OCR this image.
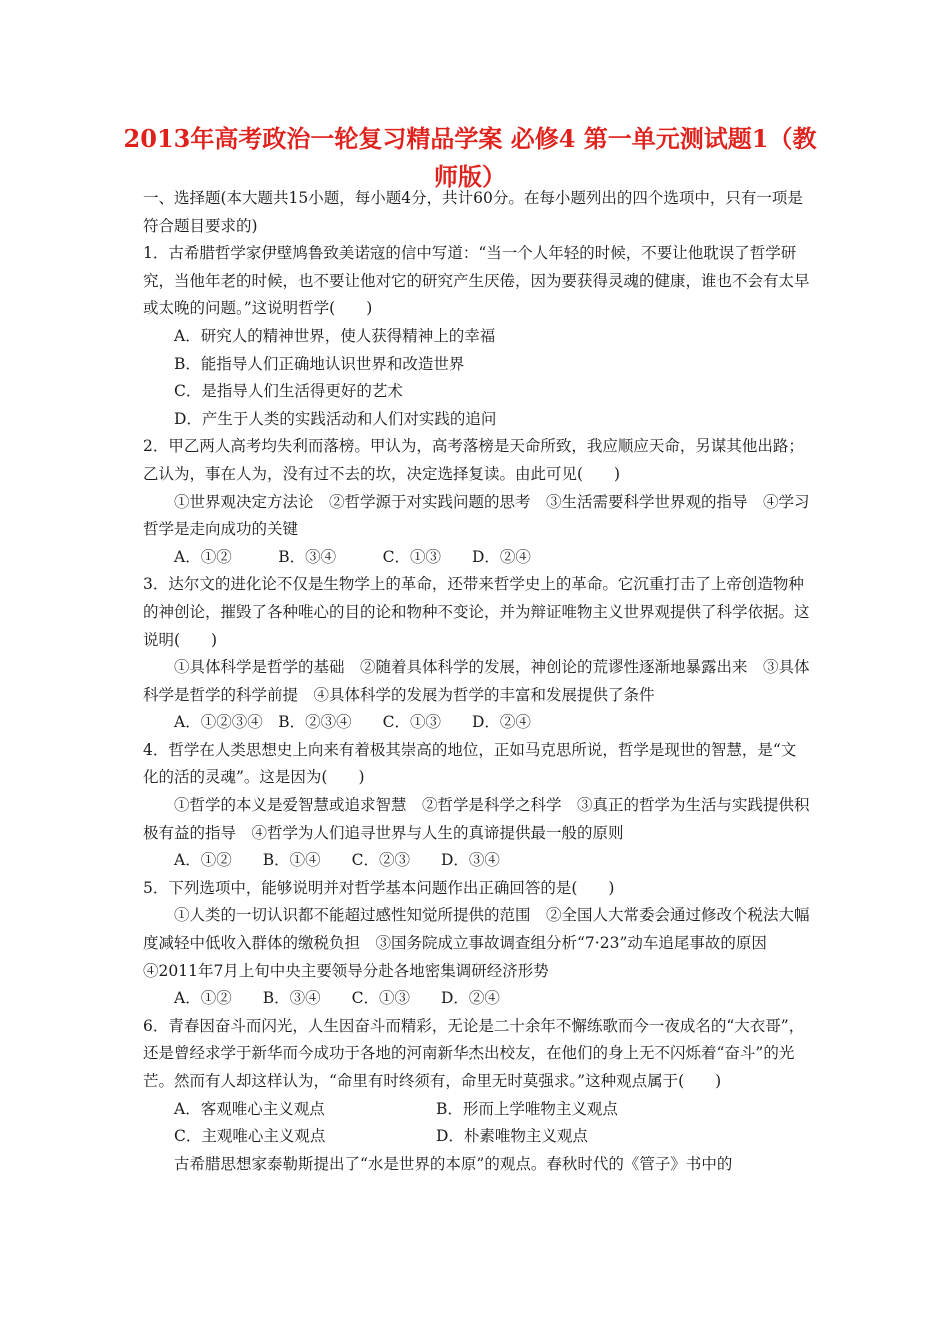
2013年高考政治一轮复习精品学案 必修4 第一单元测试题1（教师版）

一、选择题(本大题共15小题，每小题4分，共计60分。在每小题列出的四个选项中，只有一项是符合题目要求的)

1．古希腊哲学家伊壁鸠鲁致美诺寇的信中写道：“当一个人年轻的时候，不要让他耽误了哲学研究，当他年老的时候，也不要让他对它的研究产生厌倦，因为要获得灵魂的健康，谁也不会有太早或太晚的问题。”这说明哲学(　　)

A．研究人的精神世界，使人获得精神上的幸福

B．能指导人们正确地认识世界和改造世界

C．是指导人们生活得更好的艺术

D．产生于人类的实践活动和人们对实践的追问

2．甲乙两人高考均失利而落榜。甲认为，高考落榜是天命所致，我应顺应天命，另谋其他出路；乙认为，事在人为，没有过不去的坎，决定选择复读。由此可见(　　)

①世界观决定方法论　②哲学源于对实践问题的思考　③生活需要科学世界观的指导　④学习哲学是走向成功的关键

A．①②　　　B．③④　　　C．①③　　D．②④

3．达尔文的进化论不仅是生物学上的革命，还带来哲学史上的革命。它沉重打击了上帝创造物种的神创论，摧毁了各种唯心的目的论和物种不变论，并为辩证唯物主义世界观提供了科学依据。这说明(　　)

①具体科学是哲学的基础　②随着具体科学的发展，神创论的荒谬性逐渐地暴露出来　③具体科学是哲学的科学前提　④具体科学的发展为哲学的丰富和发展提供了条件

A．①②③④　B．②③④　　C．①③　　D．②④

4．哲学在人类思想史上向来有着极其崇高的地位，正如马克思所说，哲学是现世的智慧，是“文化的活的灵魂”。这是因为(　　)

①哲学的本义是爱智慧或追求智慧　②哲学是科学之科学　③真正的哲学为生活与实践提供积极有益的指导　④哲学为人们追寻世界与人生的真谛提供最一般的原则

A．①②　　B．①④　　C．②③　　D．③④

5．下列选项中，能够说明并对哲学基本问题作出正确回答的是(　　)

①人类的一切认识都不能超过感性知觉所提供的范围　②全国人大常委会通过修改个税法大幅度减轻中低收入群体的缴税负担　③国务院成立事故调查组分析“7·23”动车追尾事故的原因　④2011年7月上旬中央主要领导分赴各地密集调研经济形势

A．①②　　B．③④　　C．①③　　D．②④

6．青春因奋斗而闪光，人生因奋斗而精彩，无论是二十余年不懈练歌而今一夜成名的“大衣哥”，还是曾经求学于新华而今成功于各地的河南新华杰出校友，在他们的身上无不闪烁着“奋斗”的光芒。然而有人却这样认为，“命里有时终须有，命里无时莫强求。”这种观点属于(　　)

A．客观唯心主义观点	B．形而上学唯物主义观点
C．主观唯心主义观点	D．朴素唯物主义观点

古希腊思想家泰勒斯提出了“水是世界的本原”的观点。春秋时代的《管子》书中的
